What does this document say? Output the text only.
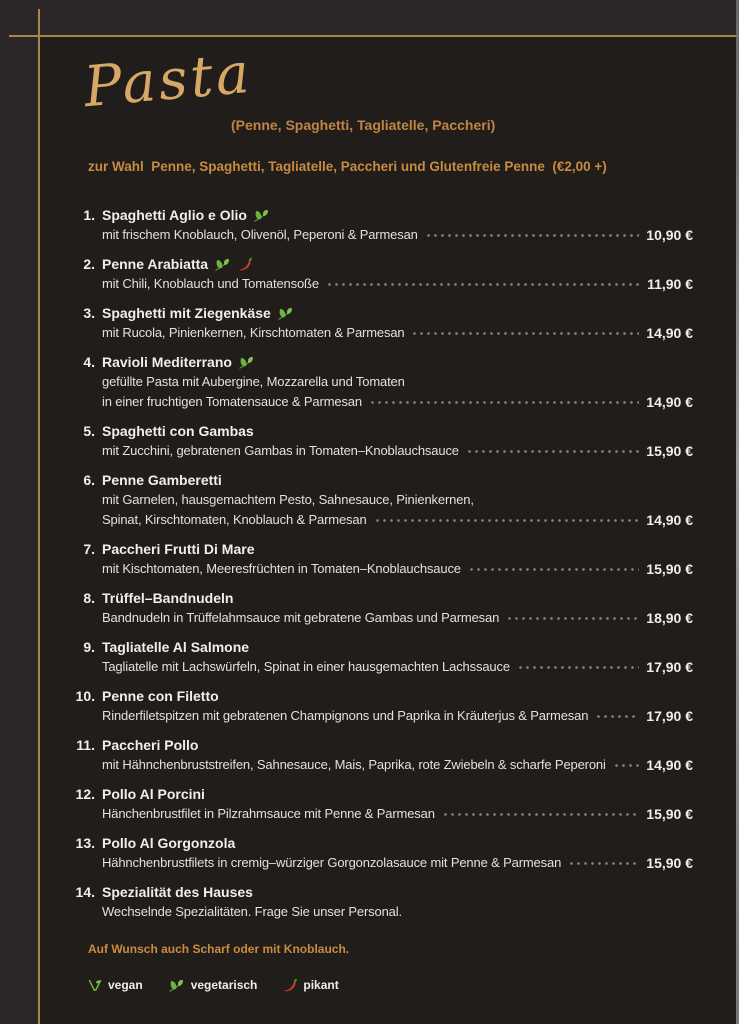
Pasta
(Penne, Spaghetti, Tagliatelle, Paccheri)
zur Wahl  Penne, Spaghetti, Tagliatelle, Paccheri und Glutenfreie Penne  (€2,00 +)
1. Spaghetti Aglio e Olio
mit frischem Knoblauch, Olivenöl, Peperoni & Parmesan	10,90 €
2. Penne Arabiatta
mit Chili, Knoblauch und Tomatensoße	11,90 €
3. Spaghetti mit Ziegenkäse
mit Rucola, Pinienkernen, Kirschtomaten & Parmesan	14,90 €
4. Ravioli Mediterrano
gefüllte Pasta mit Aubergine, Mozzarella und Tomaten
in einer fruchtigen Tomatensauce & Parmesan	14,90 €
5. Spaghetti con Gambas
mit Zucchini, gebratenen Gambas in Tomaten–Knoblauchsauce	15,90 €
6. Penne Gamberetti
mit Garnelen, hausgemachtem Pesto, Sahnesauce, Pinienkernen,
Spinat, Kirschtomaten, Knoblauch & Parmesan	14,90 €
7. Paccheri Frutti Di Mare
mit Kischtomaten, Meeresfrüchten in Tomaten–Knoblauchsauce	15,90 €
8. Trüffel–Bandnudeln
Bandnudeln in Trüffelahmsauce mit gebratene Gambas und Parmesan	18,90 €
9. Tagliatelle Al Salmone
Tagliatelle mit Lachswürfeln, Spinat in einer hausgemachten Lachssauce	17,90 €
10. Penne con Filetto
Rinderfiletspitzen mit gebratenen Champignons und Paprika in Kräuterjus & Parmesan	17,90 €
11. Paccheri Pollo
mit Hähnchenbruststreifen, Sahnesauce, Mais, Paprika, rote Zwiebeln & scharfe Peperoni	14,90 €
12. Pollo Al Porcini
Hänchenbrustfilet in Pilzrahmsauce mit Penne & Parmesan	15,90 €
13. Pollo Al Gorgonzola
Hähnchenbrustfilets in cremig–würziger Gorgonzolasauce mit Penne & Parmesan	15,90 €
14. Spezialität des Hauses
Wechselnde Spezialitäten. Frage Sie unser Personal.
Auf Wunsch auch Scharf oder mit Knoblauch.
vegan	vegetarisch	pikant
